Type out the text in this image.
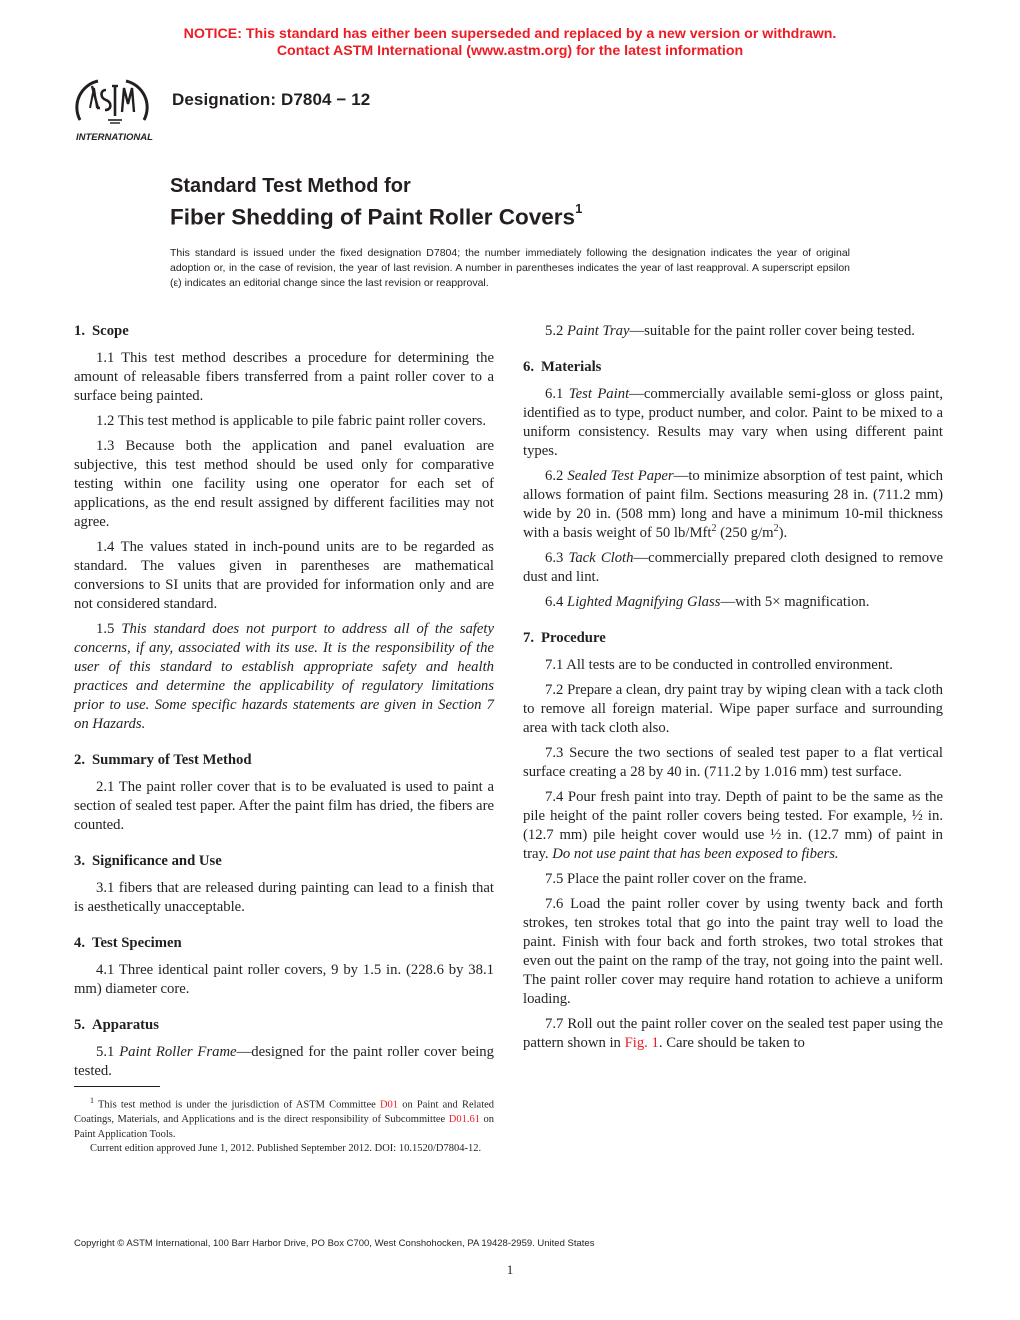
NOTICE: This standard has either been superseded and replaced by a new version or withdrawn.
Contact ASTM International (www.astm.org) for the latest information
INTERNATIONAL
Designation: D7804 − 12
Standard Test Method for
Fiber Shedding of Paint Roller Covers$^1$
This standard is issued under the fixed designation D7804; the number immediately following the designation indicates the year of original adoption or, in the case of revision, the year of last revision. A number in parentheses indicates the year of last reapproval. A superscript epsilon (ε) indicates an editorial change since the last revision or reapproval.
1. Scope

1.1 This test method describes a procedure for determining the amount of releasable fibers transferred from a paint roller cover to a surface being painted.

1.2 This test method is applicable to pile fabric paint roller covers.

1.3 Because both the application and panel evaluation are subjective, this test method should be used only for comparative testing within one facility using one operator for each set of applications, as the end result assigned by different facilities may not agree.

1.4 The values stated in inch-pound units are to be regarded as standard. The values given in parentheses are mathematical conversions to SI units that are provided for information only and are not considered standard.

1.5 This standard does not purport to address all of the safety concerns, if any, associated with its use. It is the responsibility of the user of this standard to establish appropriate safety and health practices and determine the applicability of regulatory limitations prior to use. Some specific hazards statements are given in Section 7 on Hazards.

2. Summary of Test Method

2.1 The paint roller cover that is to be evaluated is used to paint a section of sealed test paper. After the paint film has dried, the fibers are counted.

3. Significance and Use

3.1 fibers that are released during painting can lead to a finish that is aesthetically unacceptable.

4. Test Specimen

4.1 Three identical paint roller covers, 9 by 1.5 in. (228.6 by 38.1 mm) diameter core.

5. Apparatus

5.1 Paint Roller Frame—designed for the paint roller cover being tested.

5.2 Paint Tray—suitable for the paint roller cover being tested.

6. Materials

6.1 Test Paint—commercially available semi-gloss or gloss paint, identified as to type, product number, and color. Paint to be mixed to a uniform consistency. Results may vary when using different paint types.

6.2 Sealed Test Paper—to minimize absorption of test paint, which allows formation of paint film. Sections measuring 28 in. (711.2 mm) wide by 20 in. (508 mm) long and have a minimum 10-mil thickness with a basis weight of 50 lb/Mft$^2$ (250 $g/m^2$).

6.3 Tack Cloth—commercially prepared cloth designed to remove dust and lint.

6.4 Lighted Magnifying Glass—with 5× magnification.

7. Procedure

7.1 All tests are to be conducted in controlled environment.

7.2 Prepare a clean, dry paint tray by wiping clean with a tack cloth to remove all foreign material. Wipe paper surface and surrounding area with tack cloth also.

7.3 Secure the two sections of sealed test paper to a flat vertical surface creating a 28 by 40 in. (711.2 by 1.016 mm) test surface.

7.4 Pour fresh paint into tray. Depth of paint to be the same as the pile height of the paint roller covers being tested. For example, ½ in. (12.7 mm) pile height cover would use ½ in. (12.7 mm) of paint in tray. Do not use paint that has been exposed to fibers.

7.5 Place the paint roller cover on the frame.

7.6 Load the paint roller cover by using twenty back and forth strokes, ten strokes total that go into the paint tray well to load the paint. Finish with four back and forth strokes, two total strokes that even out the paint on the ramp of the tray, not going into the paint well. The paint roller cover may require hand rotation to achieve a uniform loading.

7.7 Roll out the paint roller cover on the sealed test paper using the pattern shown in Fig. 1. Care should be taken to

$^1$ This test method is under the jurisdiction of ASTM Committee D01 on Paint and Related Coatings, Materials, and Applications and is the direct responsibility of Subcommittee D01.61 on Paint Application Tools.

Current edition approved June 1, 2012. Published September 2012. DOI: 10.1520/D7804-12.

Copyright © ASTM International, 100 Barr Harbor Drive, PO Box C700, West Conshohocken, PA 19428-2959. United States
1
